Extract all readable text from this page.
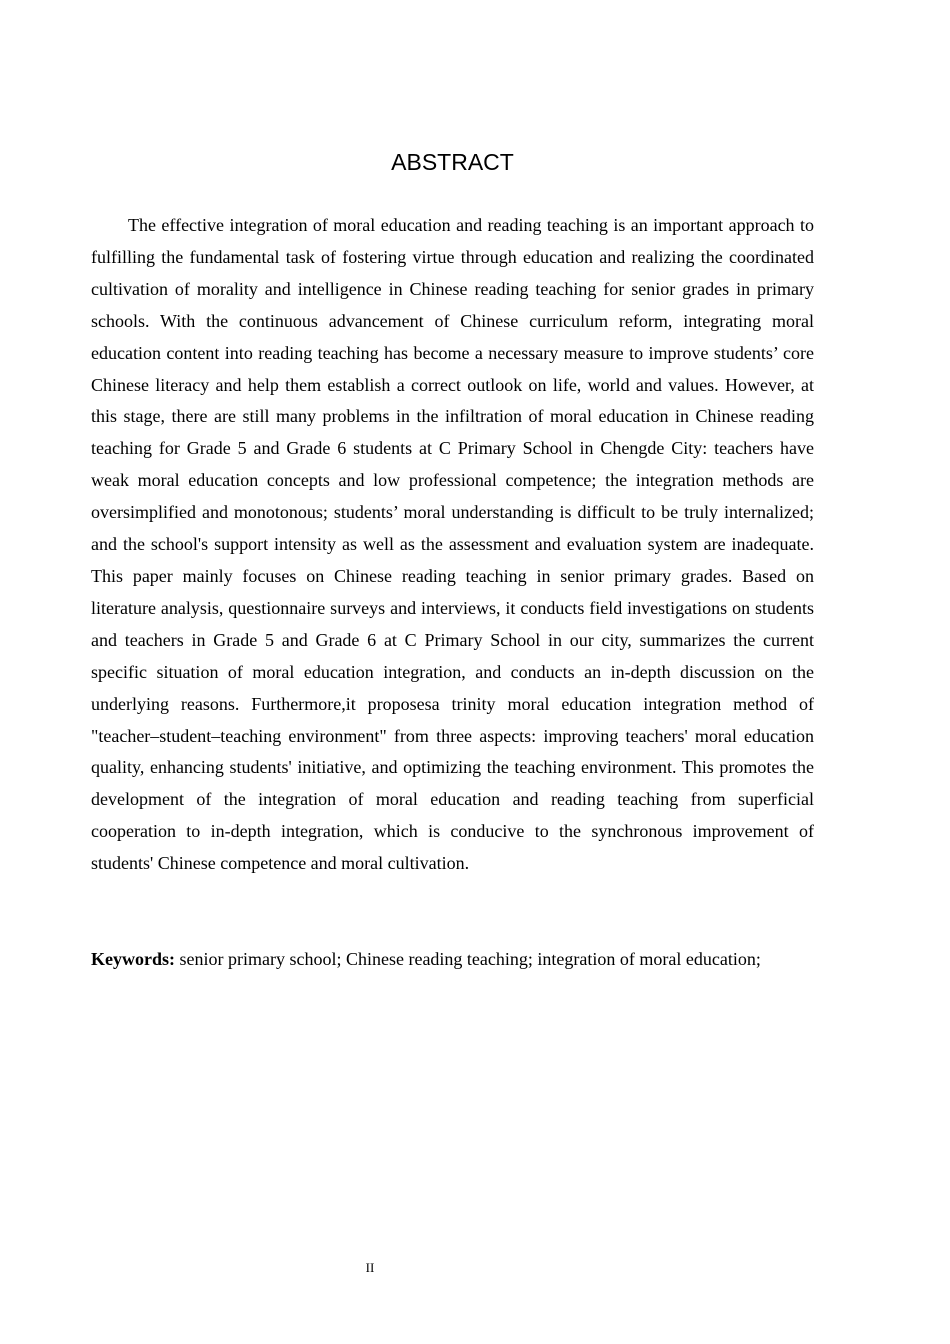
ABSTRACT

The effective integration of moral education and reading teaching is an important approach to fulfilling the fundamental task of fostering virtue through education and realizing the coordinated cultivation of morality and intelligence in Chinese reading teaching for senior grades in primary schools. With the continuous advancement of Chinese curriculum reform, integrating moral education content into reading teaching has become a necessary measure to improve students’ core Chinese literacy and help them establish a correct outlook on life, world and values. However, at this stage, there are still many problems in the infiltration of moral education in Chinese reading teaching for Grade 5 and Grade 6 students at C Primary School in Chengde City: teachers have weak moral education concepts and low professional competence; the integration methods are oversimplified and monotonous; students’ moral understanding is difficult to be truly internalized; and the school's support intensity as well as the assessment and evaluation system are inadequate. This paper mainly focuses on Chinese reading teaching in senior primary grades. Based on literature analysis, questionnaire surveys and interviews, it conducts field investigations on students and teachers in Grade 5 and Grade 6 at C Primary School in our city, summarizes the current specific situation of moral education integration, and conducts an in-depth discussion on the underlying reasons. Furthermore,it proposesa trinity moral education integration method of "teacher–student–teaching environment" from three aspects: improving teachers' moral education quality, enhancing students' initiative, and optimizing the teaching environment. This promotes the development of the integration of moral education and reading teaching from superficial cooperation to in-depth integration, which is conducive to the synchronous improvement of students' Chinese competence and moral cultivation.

Keywords: senior primary school; Chinese reading teaching; integration of moral education;

II
